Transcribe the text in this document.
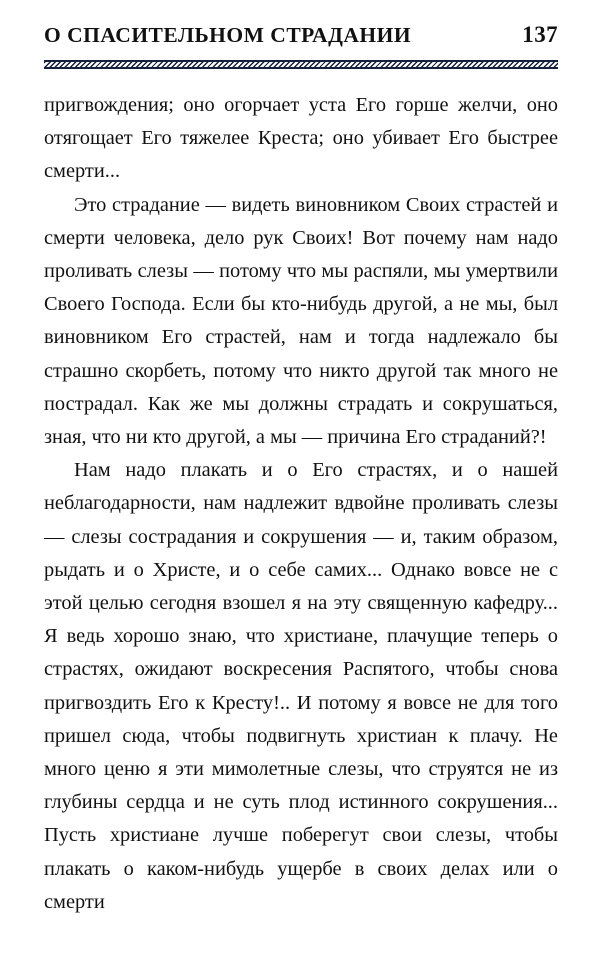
О СПАСИТЕЛЬНОМ СТРАДАНИИ	137

пригвождения; оно огорчает уста Его горше желчи, оно отягощает Его тяжелее Креста; оно убивает Его быстрее смерти...

Это страдание — видеть виновником Своих страстей и смерти человека, дело рук Своих! Вот почему нам надо проливать слезы — потому что мы распяли, мы умертвили Своего Господа. Если бы кто-нибудь другой, а не мы, был виновником Его страстей, нам и тогда надлежало бы страшно скорбеть, потому что никто другой так много не пострадал. Как же мы должны страдать и сокрушаться, зная, что ни кто другой, а мы — причина Его страданий?!

Нам надо плакать и о Его страстях, и о нашей неблагодарности, нам надлежит вдвойне проливать слезы — слезы сострадания и сокрушения — и, таким образом, рыдать и о Христе, и о себе самих... Однако вовсе не с этой целью сегодня взошел я на эту священную кафедру... Я ведь хорошо знаю, что христиане, плачущие теперь о страстях, ожидают воскресения Распятого, чтобы снова пригвоздить Его к Кресту!.. И потому я вовсе не для того пришел сюда, чтобы подвигнуть христиан к плачу. Не много ценю я эти мимолетные слезы, что струятся не из глубины сердца и не суть плод истинного сокрушения... Пусть христиане лучше поберегут свои слезы, чтобы плакать о каком-нибудь ущербе в своих делах или о смерти
